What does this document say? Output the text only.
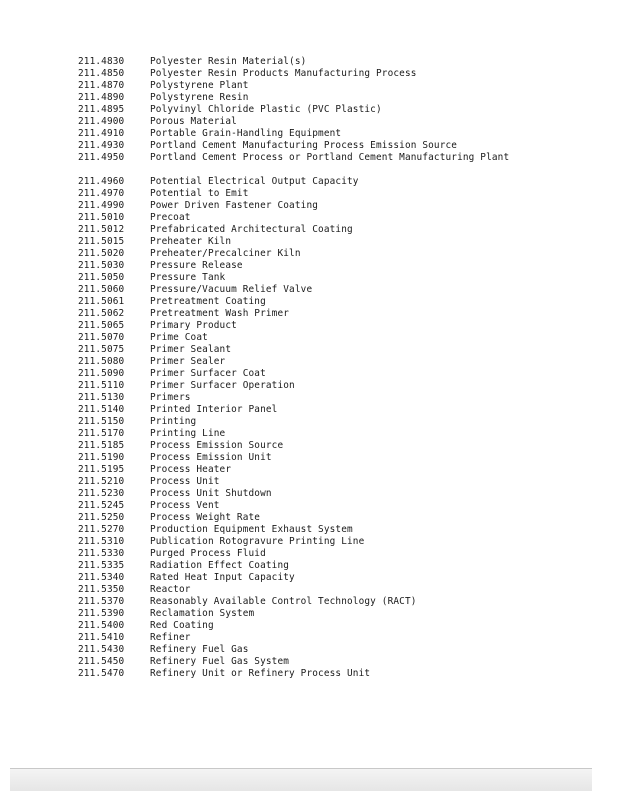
211.4830	Polyester Resin Material(s)
211.4850	Polyester Resin Products Manufacturing Process
211.4870	Polystyrene Plant
211.4890	Polystyrene Resin
211.4895	Polyvinyl Chloride Plastic (PVC Plastic)
211.4900	Porous Material
211.4910	Portable Grain-Handling Equipment
211.4930	Portland Cement Manufacturing Process Emission Source
211.4950	Portland Cement Process or Portland Cement Manufacturing Plant
211.4960	Potential Electrical Output Capacity
211.4970	Potential to Emit
211.4990	Power Driven Fastener Coating
211.5010	Precoat
211.5012	Prefabricated Architectural Coating
211.5015	Preheater Kiln
211.5020	Preheater/Precalciner Kiln
211.5030	Pressure Release
211.5050	Pressure Tank
211.5060	Pressure/Vacuum Relief Valve
211.5061	Pretreatment Coating
211.5062	Pretreatment Wash Primer
211.5065	Primary Product
211.5070	Prime Coat
211.5075	Primer Sealant
211.5080	Primer Sealer
211.5090	Primer Surfacer Coat
211.5110	Primer Surfacer Operation
211.5130	Primers
211.5140	Printed Interior Panel
211.5150	Printing
211.5170	Printing Line
211.5185	Process Emission Source
211.5190	Process Emission Unit
211.5195	Process Heater
211.5210	Process Unit
211.5230	Process Unit Shutdown
211.5245	Process Vent
211.5250	Process Weight Rate
211.5270	Production Equipment Exhaust System
211.5310	Publication Rotogravure Printing Line
211.5330	Purged Process Fluid
211.5335	Radiation Effect Coating
211.5340	Rated Heat Input Capacity
211.5350	Reactor
211.5370	Reasonably Available Control Technology (RACT)
211.5390	Reclamation System
211.5400	Red Coating
211.5410	Refiner
211.5430	Refinery Fuel Gas
211.5450	Refinery Fuel Gas System
211.5470	Refinery Unit or Refinery Process Unit
